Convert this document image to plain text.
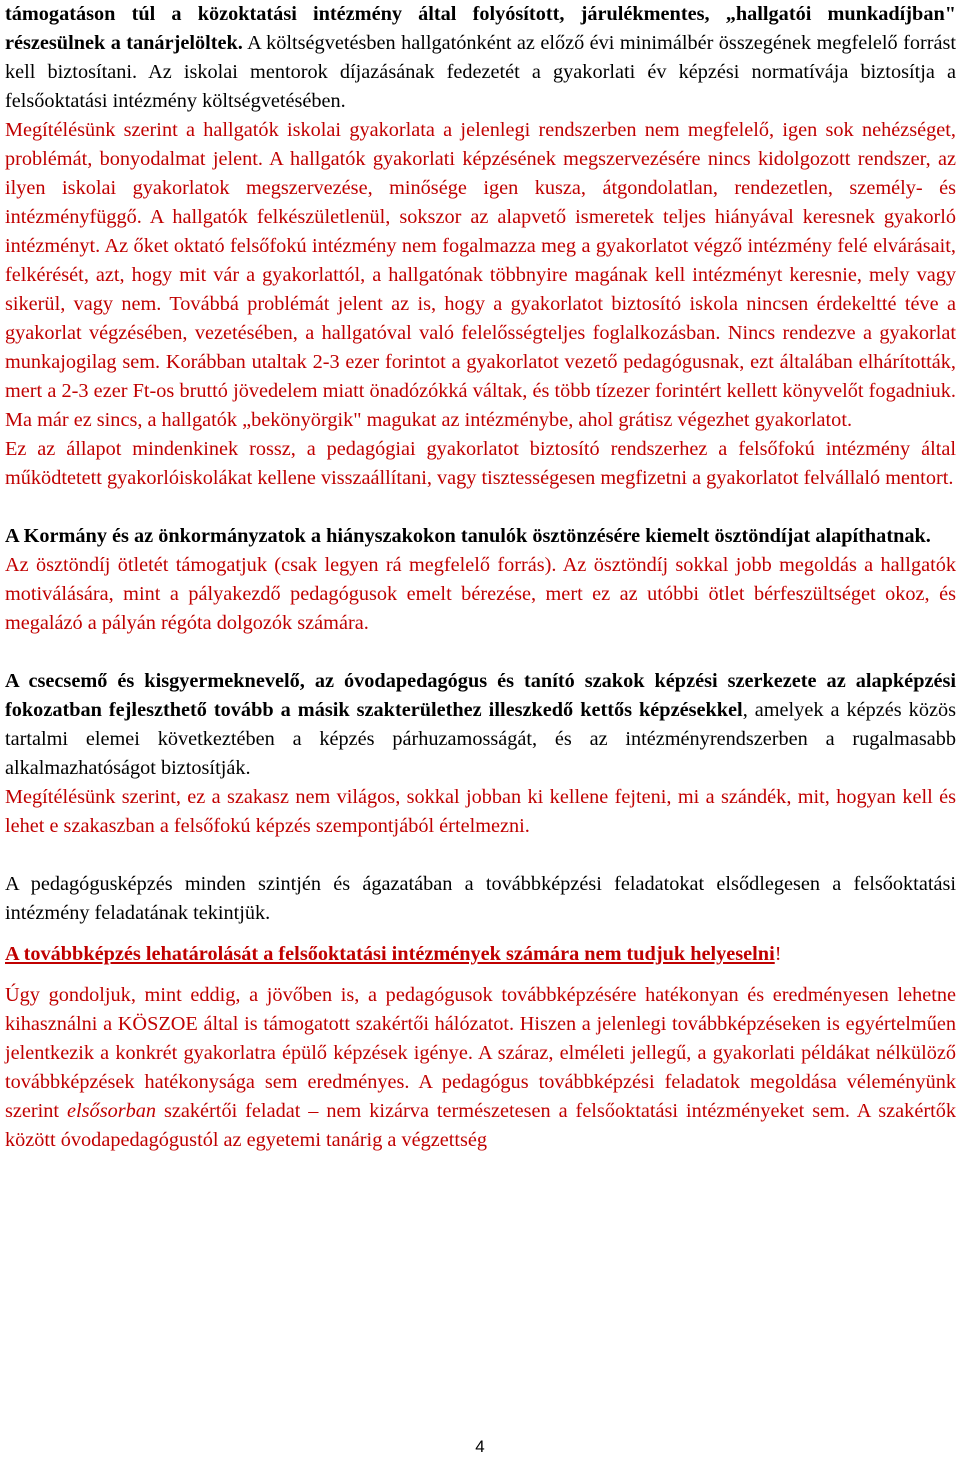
támogatáson túl a közoktatási intézmény által folyósított, járulékmentes, „hallgatói munkadíjban" részesülnek a tanárjelöltek. A költségvetésben hallgatónként az előző évi minimálbér összegének megfelelő forrást kell biztosítani. Az iskolai mentorok díjazásának fedezetét a gyakorlati év képzési normatívája biztosítja a felsőoktatási intézmény költségvetésében.

Megítélésünk szerint a hallgatók iskolai gyakorlata a jelenlegi rendszerben nem megfelelő, igen sok nehézséget, problémát, bonyodalmat jelent. A hallgatók gyakorlati képzésének megszervezésére nincs kidolgozott rendszer, az ilyen iskolai gyakorlatok megszervezése, minősége igen kusza, átgondolatlan, rendezetlen, személy- és intézményfüggő. A hallgatók felkészületlenül, sokszor az alapvető ismeretek teljes hiányával keresnek gyakorló intézményt. Az őket oktató felsőfokú intézmény nem fogalmazza meg a gyakorlatot végző intézmény felé elvárásait, felkérését, azt, hogy mit vár a gyakorlattól, a hallgatónak többnyire magának kell intézményt keresnie, mely vagy sikerül, vagy nem. Továbbá problémát jelent az is, hogy a gyakorlatot biztosító iskola nincsen érdekeltté téve a gyakorlat végzésében, vezetésében, a hallgatóval való felelősségteljes foglalkozásban. Nincs rendezve a gyakorlat munkajogilag sem. Korábban utaltak 2-3 ezer forintot a gyakorlatot vezető pedagógusnak, ezt általában elhárították, mert a 2-3 ezer Ft-os bruttó jövedelem miatt önadózókká váltak, és több tízezer forintért kellett könyvelőt fogadniuk. Ma már ez sincs, a hallgatók „bekönyörgik" magukat az intézménybe, ahol grátisz végezhet gyakorlatot.

Ez az állapot mindenkinek rossz, a pedagógiai gyakorlatot biztosító rendszerhez a felsőfokú intézmény által működtetett gyakorlóiskolákat kellene visszaállítani, vagy tisztességesen megfizetni a gyakorlatot felvállaló mentort.

A Kormány és az önkormányzatok a hiányszakokon tanulók ösztönzésére kiemelt ösztöndíjat alapíthatnak.

Az ösztöndíj ötletét támogatjuk (csak legyen rá megfelelő forrás). Az ösztöndíj sokkal jobb megoldás a hallgatók motiválására, mint a pályakezdő pedagógusok emelt bérezése, mert ez az utóbbi ötlet bérfeszültséget okoz, és megalázó a pályán régóta dolgozók számára.

A csecsemő és kisgyermeknevelő, az óvodapedagógus és tanító szakok képzési szerkezete az alapképzési fokozatban fejleszthető tovább a másik szakterülethez illeszkedő kettős képzésekkel, amelyek a képzés közös tartalmi elemei következtében a képzés párhuzamosságát, és az intézményrendszerben a rugalmasabb alkalmazhatóságot biztosítják.

Megítélésünk szerint, ez a szakasz nem világos, sokkal jobban ki kellene fejteni, mi a szándék, mit, hogyan kell és lehet e szakaszban a felsőfokú képzés szempontjából értelmezni.

A pedagógusképzés minden szintjén és ágazatában a továbbképzési feladatokat elsődlegesen a felsőoktatási intézmény feladatának tekintjük.

A továbbképzés lehatárolását a felsőoktatási intézmények számára nem tudjuk helyeselni!

Úgy gondoljuk, mint eddig, a jövőben is, a pedagógusok továbbképzésére hatékonyan és eredményesen lehetne kihasználni a KÖSZOE által is támogatott szakértői hálózatot. Hiszen a jelenlegi továbbképzéseken is egyértelműen jelentkezik a konkrét gyakorlatra épülő képzések igénye. A száraz, elméleti jellegű, a gyakorlati példákat nélkülöző továbbképzések hatékonysága sem eredményes. A pedagógus továbbképzési feladatok megoldása véleményünk szerint elsősorban szakértői feladat – nem kizárva természetesen a felsőoktatási intézményeket sem. A szakértők között óvodapedagógustól az egyetemi tanárig a végzettség

4
